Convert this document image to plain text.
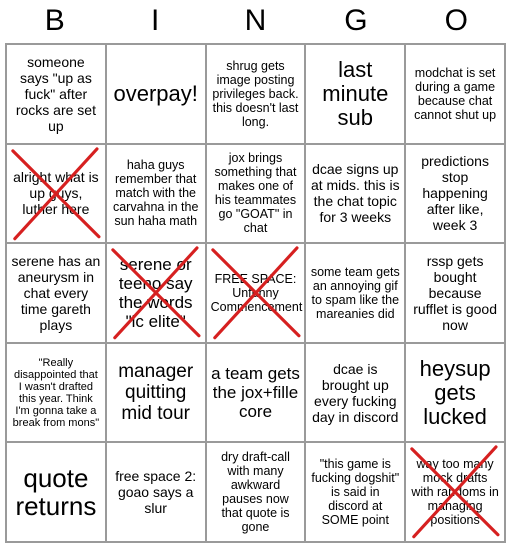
B	I	N	G	O
someone says "up as fuck" after rocks are set up
overpay!
shrug gets image posting privileges back. this doesn't last long.
last minute sub
modchat is set during a game because chat cannot shut up
alright what is up guys, luther here
haha guys remember that match with the carvahna in the sun haha math
jox brings something that makes one of his teammates go "GOAT" in chat
dcae signs up at mids. this is the chat topic for 3 weeks
predictions stop happening after like, week 3
serene has an aneurysm in chat every time gareth plays
serene or teeno say the words "lc elite"
FREE SPACE: Unfunny Commencement
some team gets an annoying gif to spam like the mareanies did
rssp gets bought because rufflet is good now
"Really disappointed that I wasn't drafted this year. Think I'm gonna take a break from mons"
manager quitting mid tour
a team gets the jox+fille core
dcae is brought up every fucking day in discord
heysup gets lucked
quote returns
free space 2: goao says a slur
dry draft-call with many awkward pauses now that quote is gone
"this game is fucking dogshit" is said in discord at SOME point
way too many mock drafts with randoms in managing positions
